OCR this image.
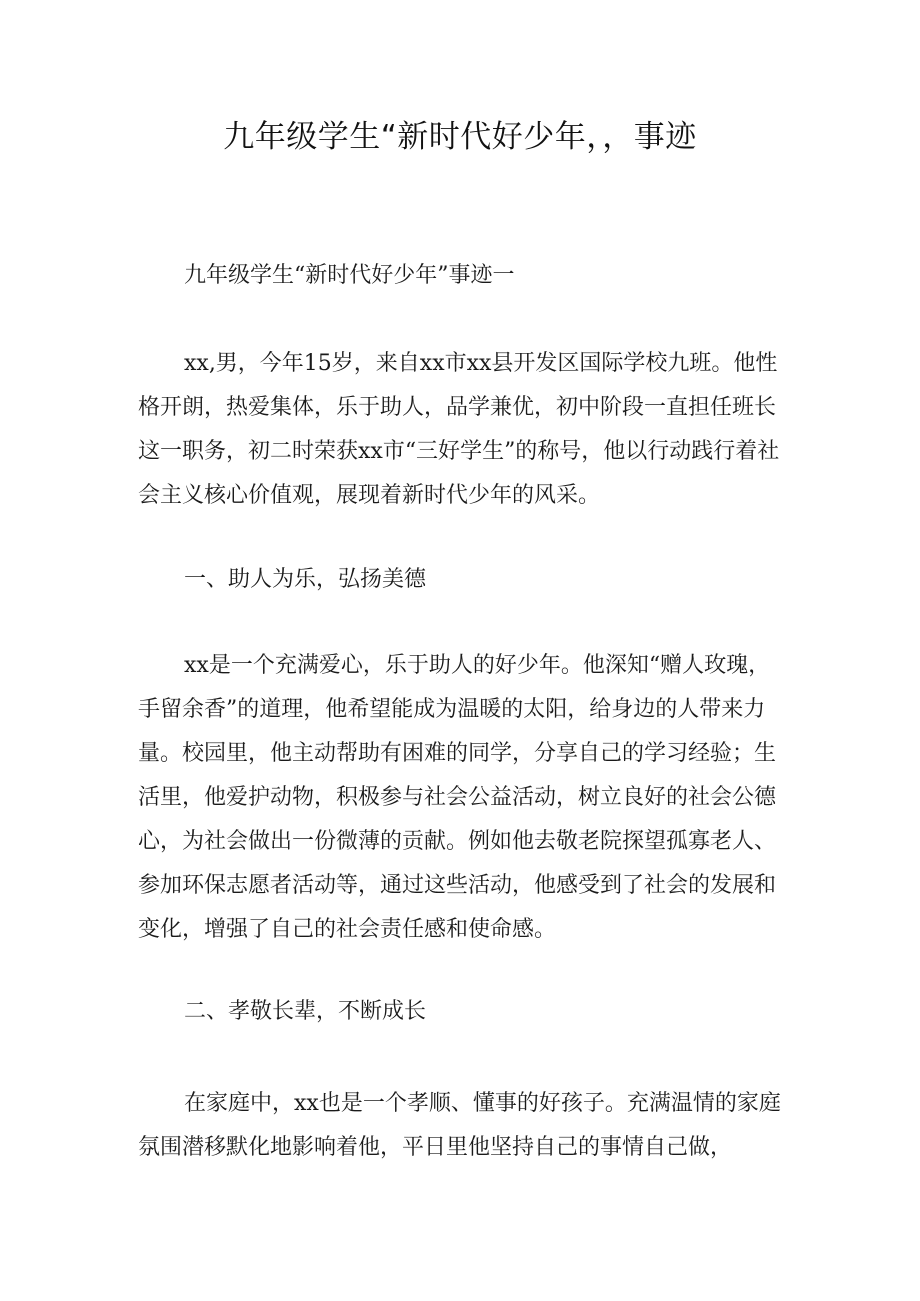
九年级学生“新时代好少年，，事迹

九年级学生“新时代好少年”事迹一

xx,男，今年15岁，来自xx市xx县开发区国际学校九班。他性格开朗，热爱集体，乐于助人，品学兼优，初中阶段一直担任班长这一职务，初二时荣获xx市“三好学生”的称号，他以行动践行着社会主义核心价值观，展现着新时代少年的风采。

一、助人为乐，弘扬美德

xx是一个充满爱心，乐于助人的好少年。他深知“赠人玫瑰，手留余香”的道理，他希望能成为温暖的太阳，给身边的人带来力量。校园里，他主动帮助有困难的同学，分享自己的学习经验；生活里，他爱护动物，积极参与社会公益活动，树立良好的社会公德心，为社会做出一份微薄的贡献。例如他去敬老院探望孤寡老人、参加环保志愿者活动等，通过这些活动，他感受到了社会的发展和变化，增强了自己的社会责任感和使命感。

二、孝敬长辈，不断成长

在家庭中，xx也是一个孝顺、懂事的好孩子。充满温情的家庭氛围潜移默化地影响着他，平日里他坚持自己的事情自己做，
